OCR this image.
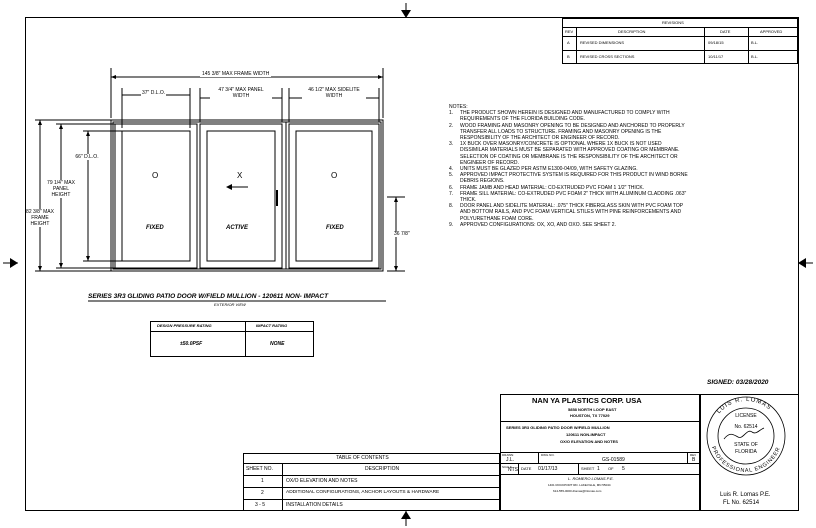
REVISIONS
REV	DESCRIPTION	DATE	APPROVED
A	REVISED DIMENSIONS	09/18/15	B.L.
B	REVISED CROSS SECTIONS	10/11/17	B.L.
145 3/8" MAX FRAME WIDTH
37" D.L.O.	47 3/4" MAX PANEL WIDTH
46 1/2" MAX SIDELITE WIDTH
66" D.L.O.
79 1/4" MAX PANEL HEIGHT
82 3/8" MAX FRAME HEIGHT
36 7/8"
O	X	O
FIXED	ACTIVE	FIXED
SERIES 3R3 GLIDING PATIO DOOR W/FIELD MULLION - 120611 NON- IMPACT
EXTERIOR VIEW
DESIGN PRESSURE RATING	IMPACT RATING
±50.0PSF	NONE
NOTES:
1. THE PRODUCT SHOWN HEREIN IS DESIGNED AND MANUFACTURED TO COMPLY WITH
REQUIREMENTS OF THE FLORIDA BUILDING CODE.
2. WOOD FRAMING AND MASONRY OPENING TO BE DESIGNED AND ANCHORED TO PROPERLY
TRANSFER ALL LOADS TO STRUCTURE. FRAMING AND MASONRY OPENING IS THE
RESPONSIBILITY OF THE ARCHITECT OR ENGINEER OF RECORD.
3. 1X BUCK OVER MASONRY/CONCRETE IS OPTIONAL WHERE 1X BUCK IS NOT USED
DISSIMILAR MATERIALS MUST BE SEPARATED WITH APPROVED COATING OR MEMBRANE.
SELECTION OF COATING OR MEMBRANE IS THE RESPONSIBILITY OF THE ARCHITECT OR
ENGINEER OF RECORD.
4. UNITS MUST BE GLAZED PER ASTM E1300-04/09, WITH SAFETY GLAZING.
5. APPROVED IMPACT PROTECTIVE SYSTEM IS REQUIRED FOR THIS PRODUCT IN WIND BORNE
DEBRIS REGIONS.
6. FRAME JAMB AND HEAD MATERIAL: CO-EXTRUDED PVC FOAM 1 1/2" THICK.
7. FRAME SILL MATERIAL: CO-EXTRUDED PVC FOAM 2" THICK WITH ALUMINUM CLADDING .063"
THICK.
8. DOOR PANEL AND SIDELITE MATERIAL: .075" THICK FIBERGLASS SKIN WITH PVC FOAM TOP
AND BOTTOM RAILS, AND PVC FOAM VERTICAL STILES WITH PINE REINFORCEMENTS AND
POLYURETHANE FOAM CORE.
9. APPROVED CONFIGURATIONS: OX, XO, AND OXO. SEE SHEET 2.
SIGNED: 03/28/2020
NAN YA PLASTICS CORP. USA
5858 NORTH LOOP EAST
HOUSTON, TX 77029
SERIES 3R3 GLIDING PATIO DOOR W/FIELD MULLION
120611 NON-IMPACT
OX/O ELEVATION AND NOTES
DRAWN:
J.L.
DWG NO.
GS-01589
REV
B
SCALE
NTS DATE 01/17/13	SHEET 1 OF 5
L. ROMERO LOMAS P.E.
1401 ROCKPORT RD. LAKEVILLE, MN 55044
614-555-0000 dlomas@lrlomas.com
LUIS R. LOMAS
PROFESSIONAL ENGINEER
LICENSE
No. 62514
STATE OF
FLORIDA
Luis R. Lomas P.E.
FL No. 62514
TABLE OF CONTENTS
SHEET NO.	DESCRIPTION
1	OX/O ELEVATION AND NOTES
2	ADDITIONAL CONFIGURATIONS, ANCHOR LAYOUTS & HARDWARE
3 - 5	INSTALLATION DETAILS
